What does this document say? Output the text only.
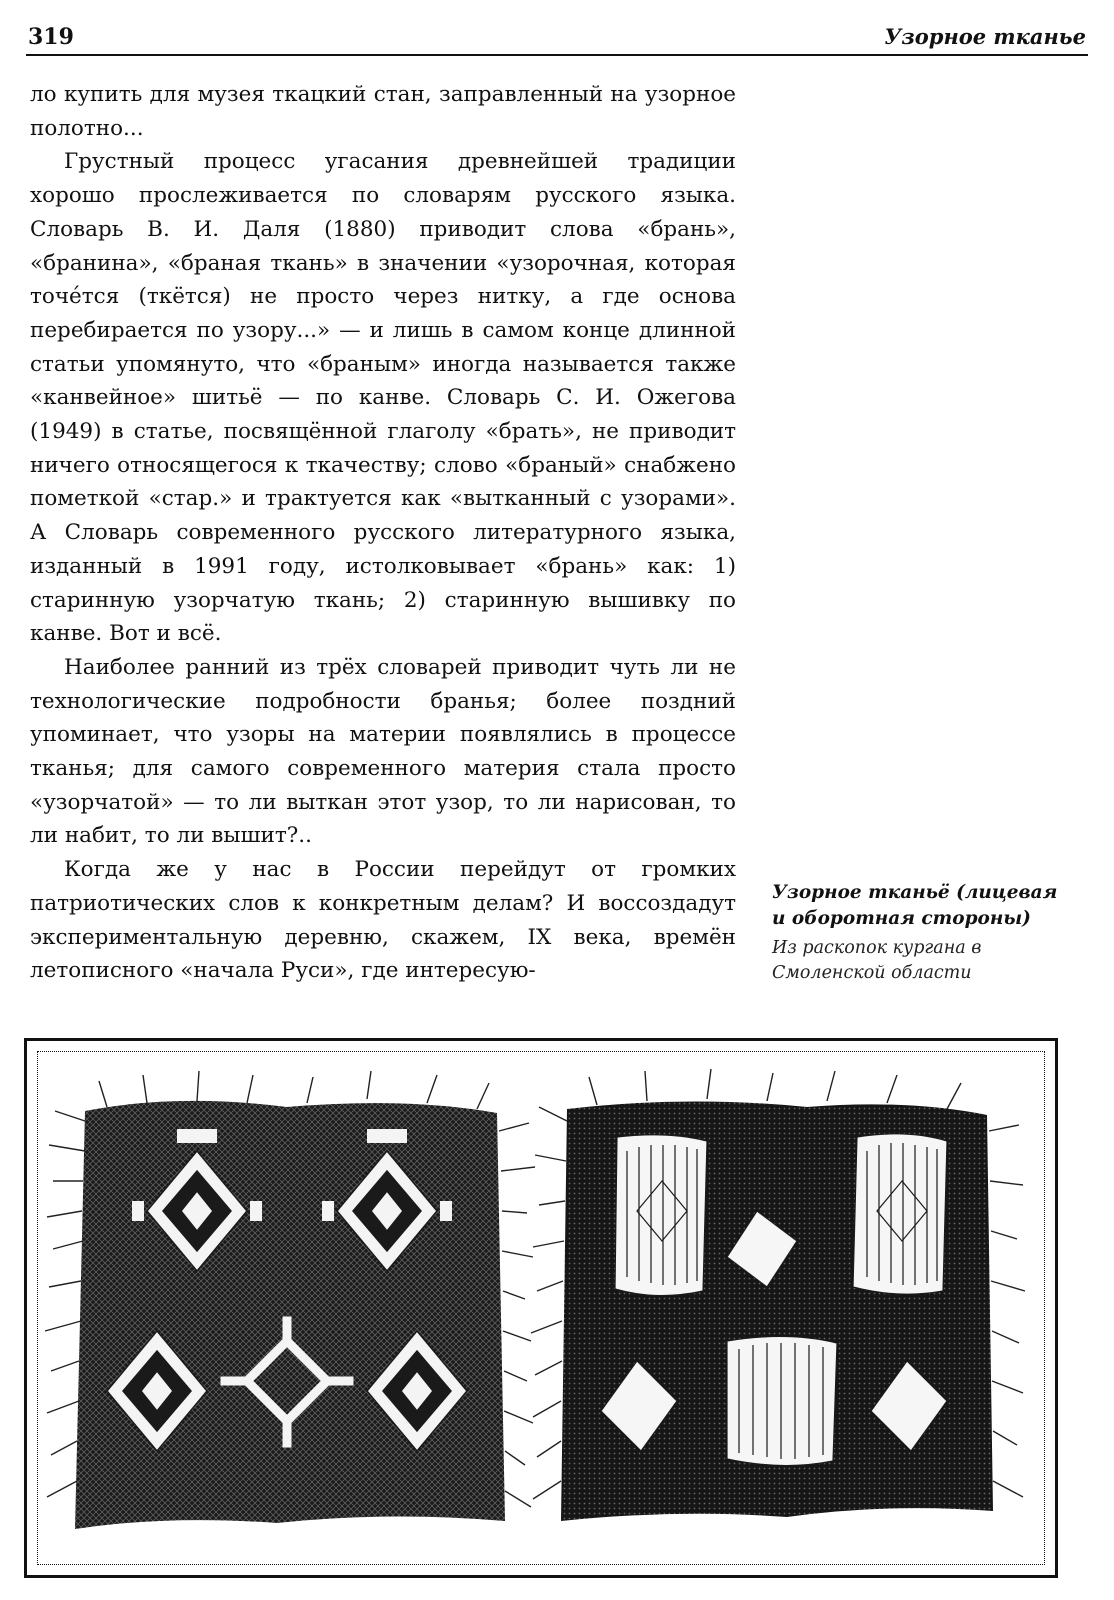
319	Узорное тканье

ло купить для музея ткацкий стан, заправленный на узорное полотно...

Грустный процесс угасания древнейшей традиции хорошо прослеживается по словарям русского языка. Словарь В. И. Даля (1880) приводит слова «брань», «бранина», «браная ткань» в значении «узорочная, которая точе́тся (ткётся) не просто через нитку, а где основа перебирается по узору...» — и лишь в самом конце длинной статьи упомянуто, что «браным» иногда называется также «канвейное» шитьё — по канве. Словарь С. И. Ожегова (1949) в статье, посвящённой глаголу «брать», не приводит ничего относящегося к ткачеству; слово «браный» снабжено пометкой «стар.» и трактуется как «вытканный с узорами». А Словарь современного русского литературного языка, изданный в 1991 году, истолковывает «брань» как: 1) старинную узорчатую ткань; 2) старинную вышивку по канве. Вот и всё.

Наиболее ранний из трёх словарей приводит чуть ли не технологические подробности бранья; более поздний упоминает, что узоры на материи появлялись в процессе тканья; для самого современного материя стала просто «узорчатой» — то ли выткан этот узор, то ли нарисован, то ли набит, то ли вышит?..

Когда же у нас в России перейдут от громких патриотических слов к конкретным делам? И воссоздадут экспериментальную деревню, скажем, IX века, времён летописного «начала Руси», где интересую-

Узорное тканьё (лицевая и оборотная стороны)
Из раскопок кургана в Смоленской области
